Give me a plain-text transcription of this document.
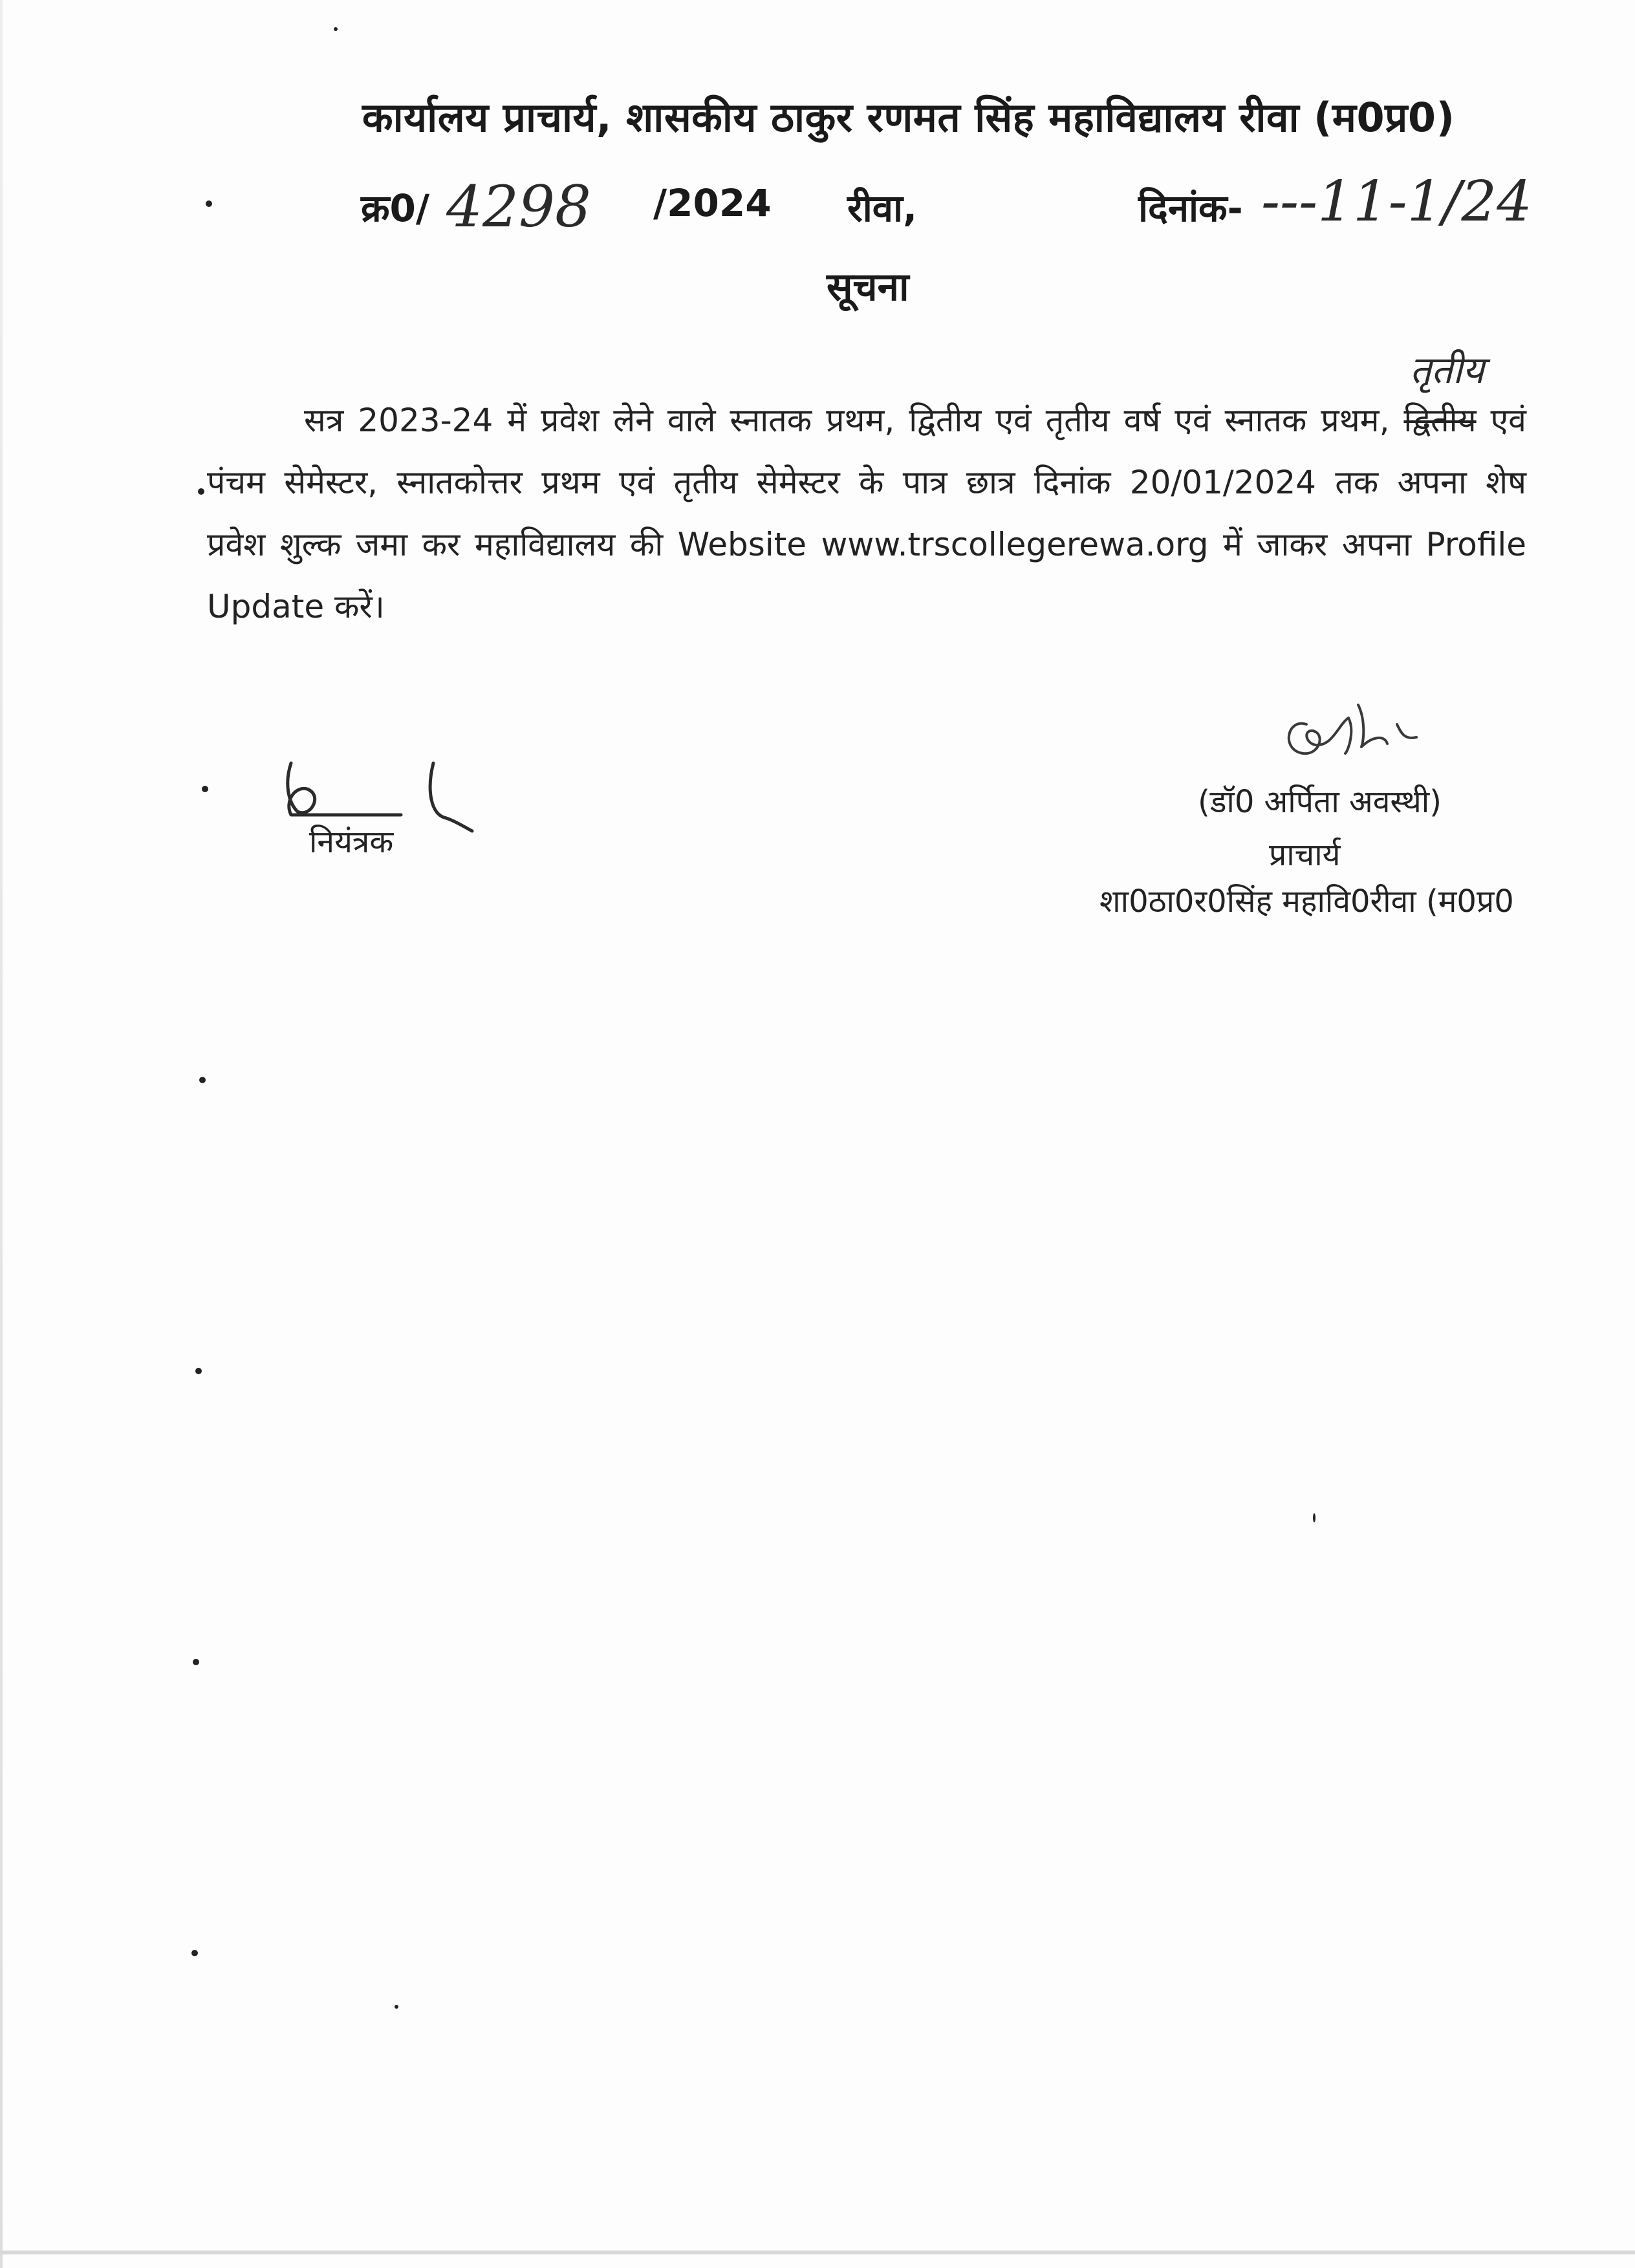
कार्यालय प्राचार्य, शासकीय ठाकुर रणमत सिंह महाविद्यालय रीवा (म0प्र0)
क्र0/ 4298 /2024 रीवा,	दिनांक- ---11-1/24
सूचना
तृतीय
सत्र 2023-24 में प्रवेश लेने वाले स्नातक प्रथम, द्वितीय एवं तृतीय वर्ष एवं स्नातक प्रथम, द्वितीय एवं
पंचम सेमेस्टर, स्नातकोत्तर प्रथम एवं तृतीय सेमेस्टर के पात्र छात्र दिनांक 20/01/2024 तक अपना शेष
प्रवेश शुल्क जमा कर महाविद्यालय की Website www.trscollegerewa.org में जाकर अपना Profile
Update करें।
नियंत्रक
(डॉ0 अर्पिता अवस्थी)
प्राचार्य
शा0ठा0र0सिंह महावि0रीवा (म0प्र0
